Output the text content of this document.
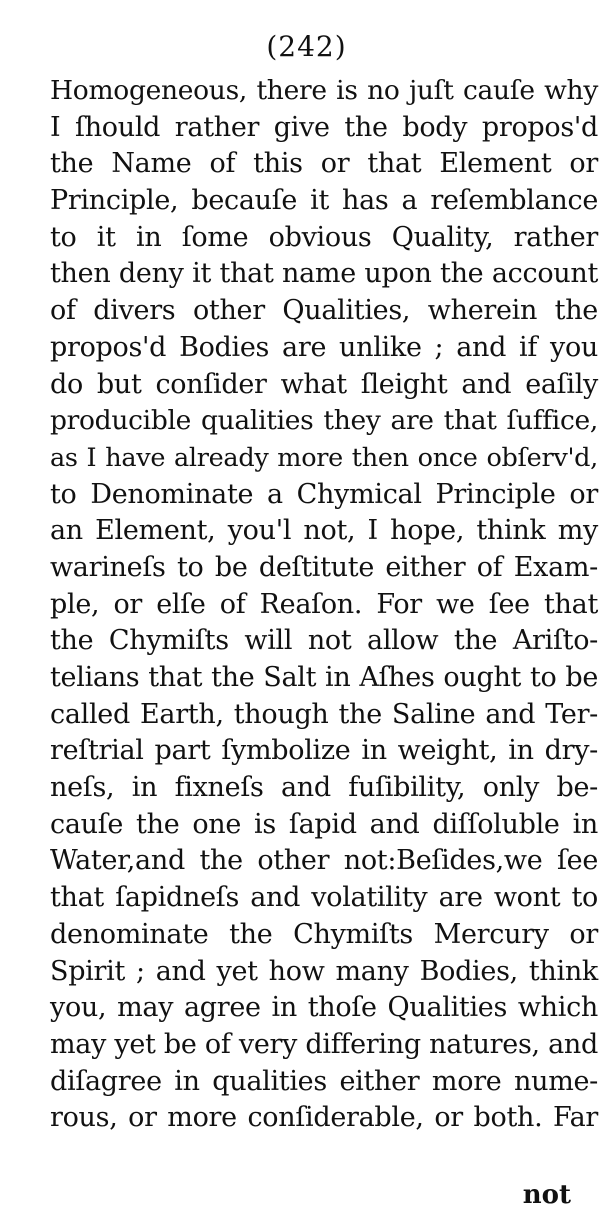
(242)
Homogeneous, there is no juſt cauſe why
I ſhould rather give the body propos'd
the Name of this or that Element or
Principle, becauſe it has a reſemblance
to it in ſome obvious Quality, rather
then deny it that name upon the account
of divers other Qualities, wherein the
propos'd Bodies are unlike ; and if you
do but conſider what ſleight and eaſily
producible qualities they are that ſuffice,
as I have already more then once obſerv'd,
to Denominate a Chymical Principle or
an Element, you'l not, I hope, think my
warineſs to be deſtitute either of Exam-
ple, or elſe of Reaſon. For we ſee that
the Chymiſts will not allow the Ariſto-
telians that the Salt in Aſhes ought to be
called Earth, though the Saline and Ter-
reſtrial part ſymbolize in weight, in dry-
neſs, in fixneſs and fuſibility, only be-
cauſe the one is ſapid and diſſoluble in
Water,and the other not:Beſides,we ſee
that ſapidneſs and volatility are wont to
denominate the Chymiſts Mercury or
Spirit ; and yet how many Bodies, think
you, may agree in thoſe Qualities which
may yet be of very differing natures, and
diſagree in qualities either more nume-
rous, or more conſiderable, or both. Far
not
